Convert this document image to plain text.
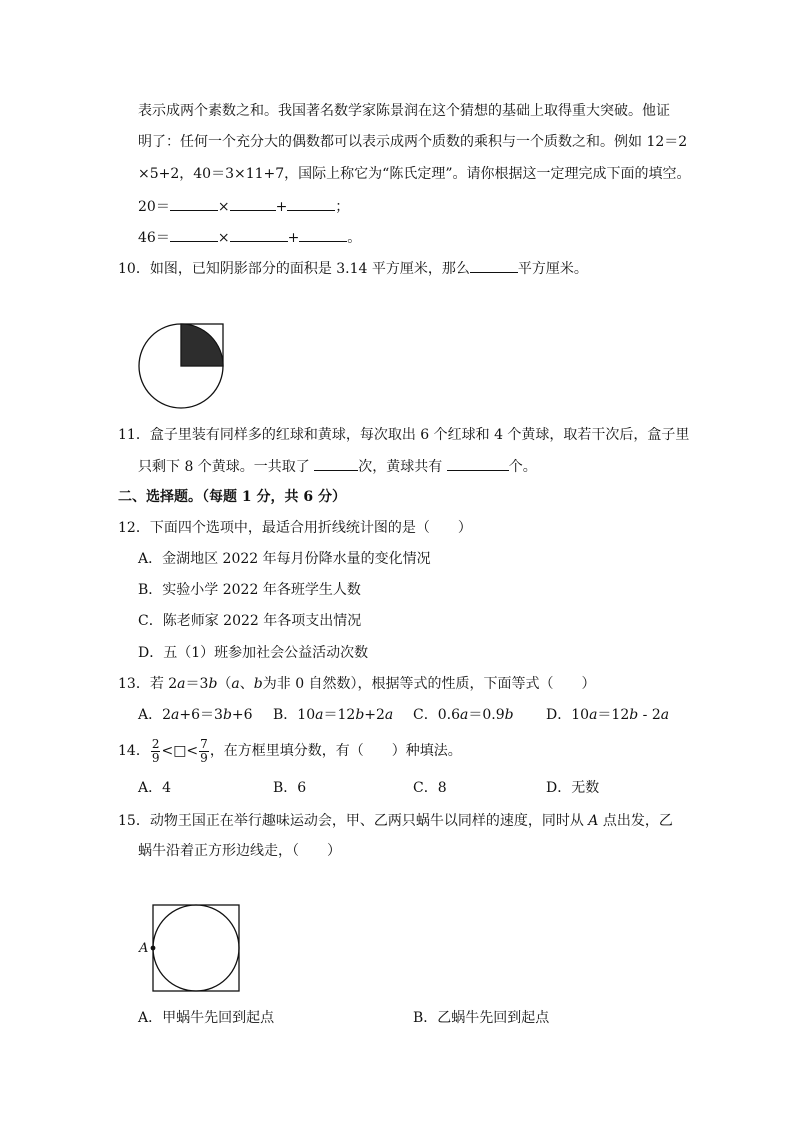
表示成两个素数之和。我国著名数学家陈景润在这个猜想的基础上取得重大突破。他证
明了：任何一个充分大的偶数都可以表示成两个质数的乘积与一个质数之和。例如 12＝2
×5+2，40＝3×11+7，国际上称它为“陈氏定理”。请你根据这一定理完成下面的填空。
20＝	×	+	；
46＝	×	+	。
10．如图，已知阴影部分的面积是 3.14 平方厘米，那么	平方厘米。
11．盒子里装有同样多的红球和黄球，每次取出 6 个红球和 4 个黄球，取若干次后，盒子里
只剩下 8 个黄球。一共取了	次，黄球共有	个。
二、选择题。（每题 1 分，共 6 分）
12．下面四个选项中，最适合用折线统计图的是（　　）
A．金湖地区 2022 年每月份降水量的变化情况
B．实验小学 2022 年各班学生人数
C．陈老师家 2022 年各项支出情况
D．五（1）班参加社会公益活动次数
13．若 2a＝3b（a、b为非 0 自然数），根据等式的性质，下面等式（　　）
A．2a+6＝3b+6 B．10a＝12b+2a C．0.6a＝0.9b D．10a＝12b - 2a
14． $\frac{2}{9}$ <□< $\frac{7}{9}$ ，在方框里填分数，有（　　）种填法。
A．4	B．6	C．8	D．无数
15．动物王国正在举行趣味运动会，甲、乙两只蜗牛以同样的速度，同时从 A 点出发，乙
蜗牛沿着正方形边线走，（　　）
A
A．甲蜗牛先回到起点	B．乙蜗牛先回到起点
